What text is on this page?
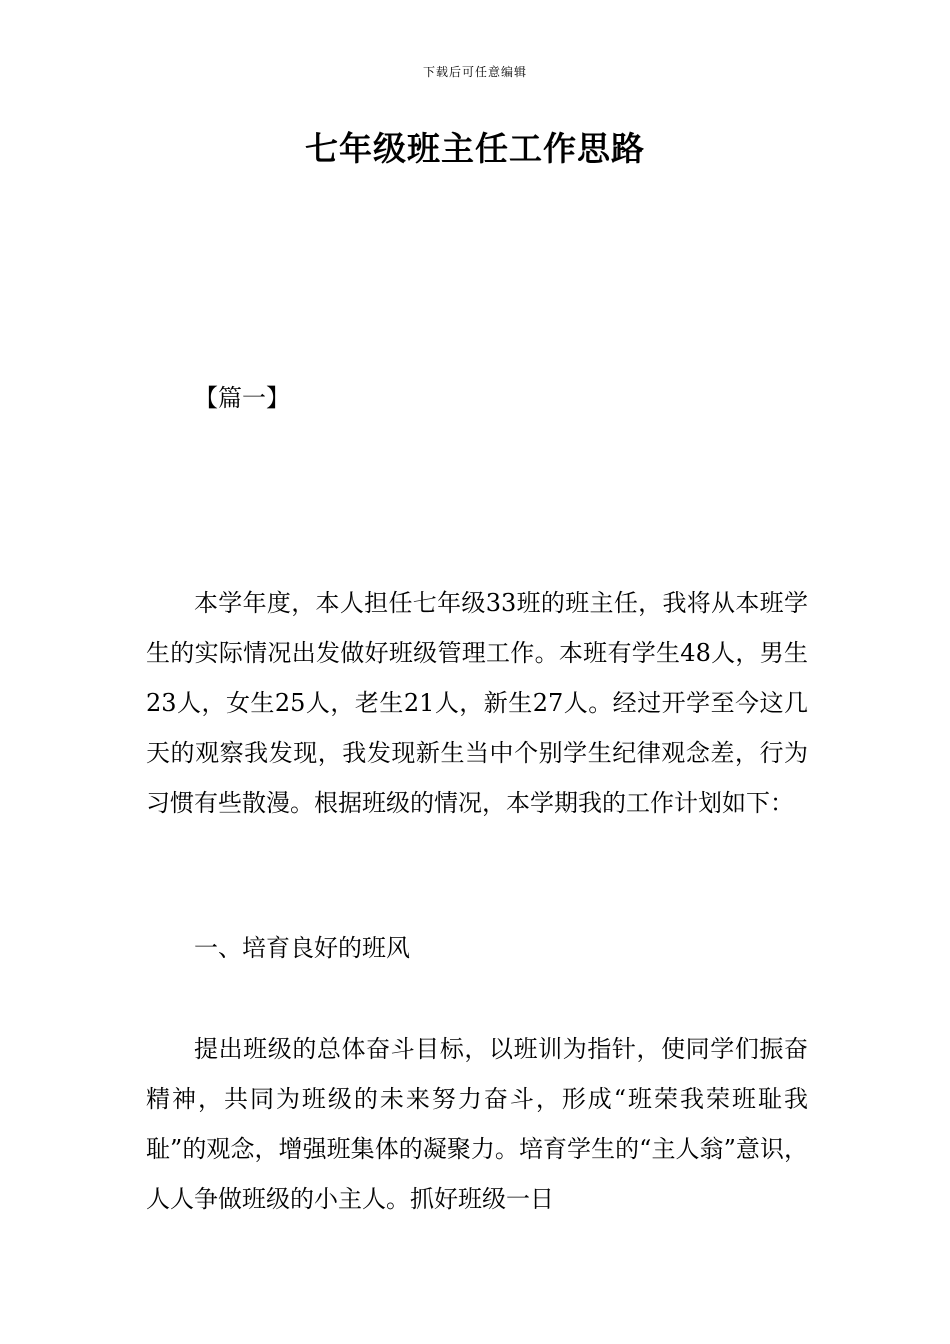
下载后可任意编辑
七年级班主任工作思路

【篇一】

本学年度，本人担任七年级33班的班主任，我将从本班学生的实际情况出发做好班级管理工作。本班有学生48人，男生23人，女生25人，老生21人，新生27人。经过开学至今这几天的观察我发现，我发现新生当中个别学生纪律观念差，行为习惯有些散漫。根据班级的情况，本学期我的工作计划如下：

一、培育良好的班风

提出班级的总体奋斗目标，以班训为指针，使同学们振奋精神，共同为班级的未来努力奋斗，形成“班荣我荣班耻我耻”的观念，增强班集体的凝聚力。培育学生的“主人翁”意识，人人争做班级的小主人。抓好班级一日
